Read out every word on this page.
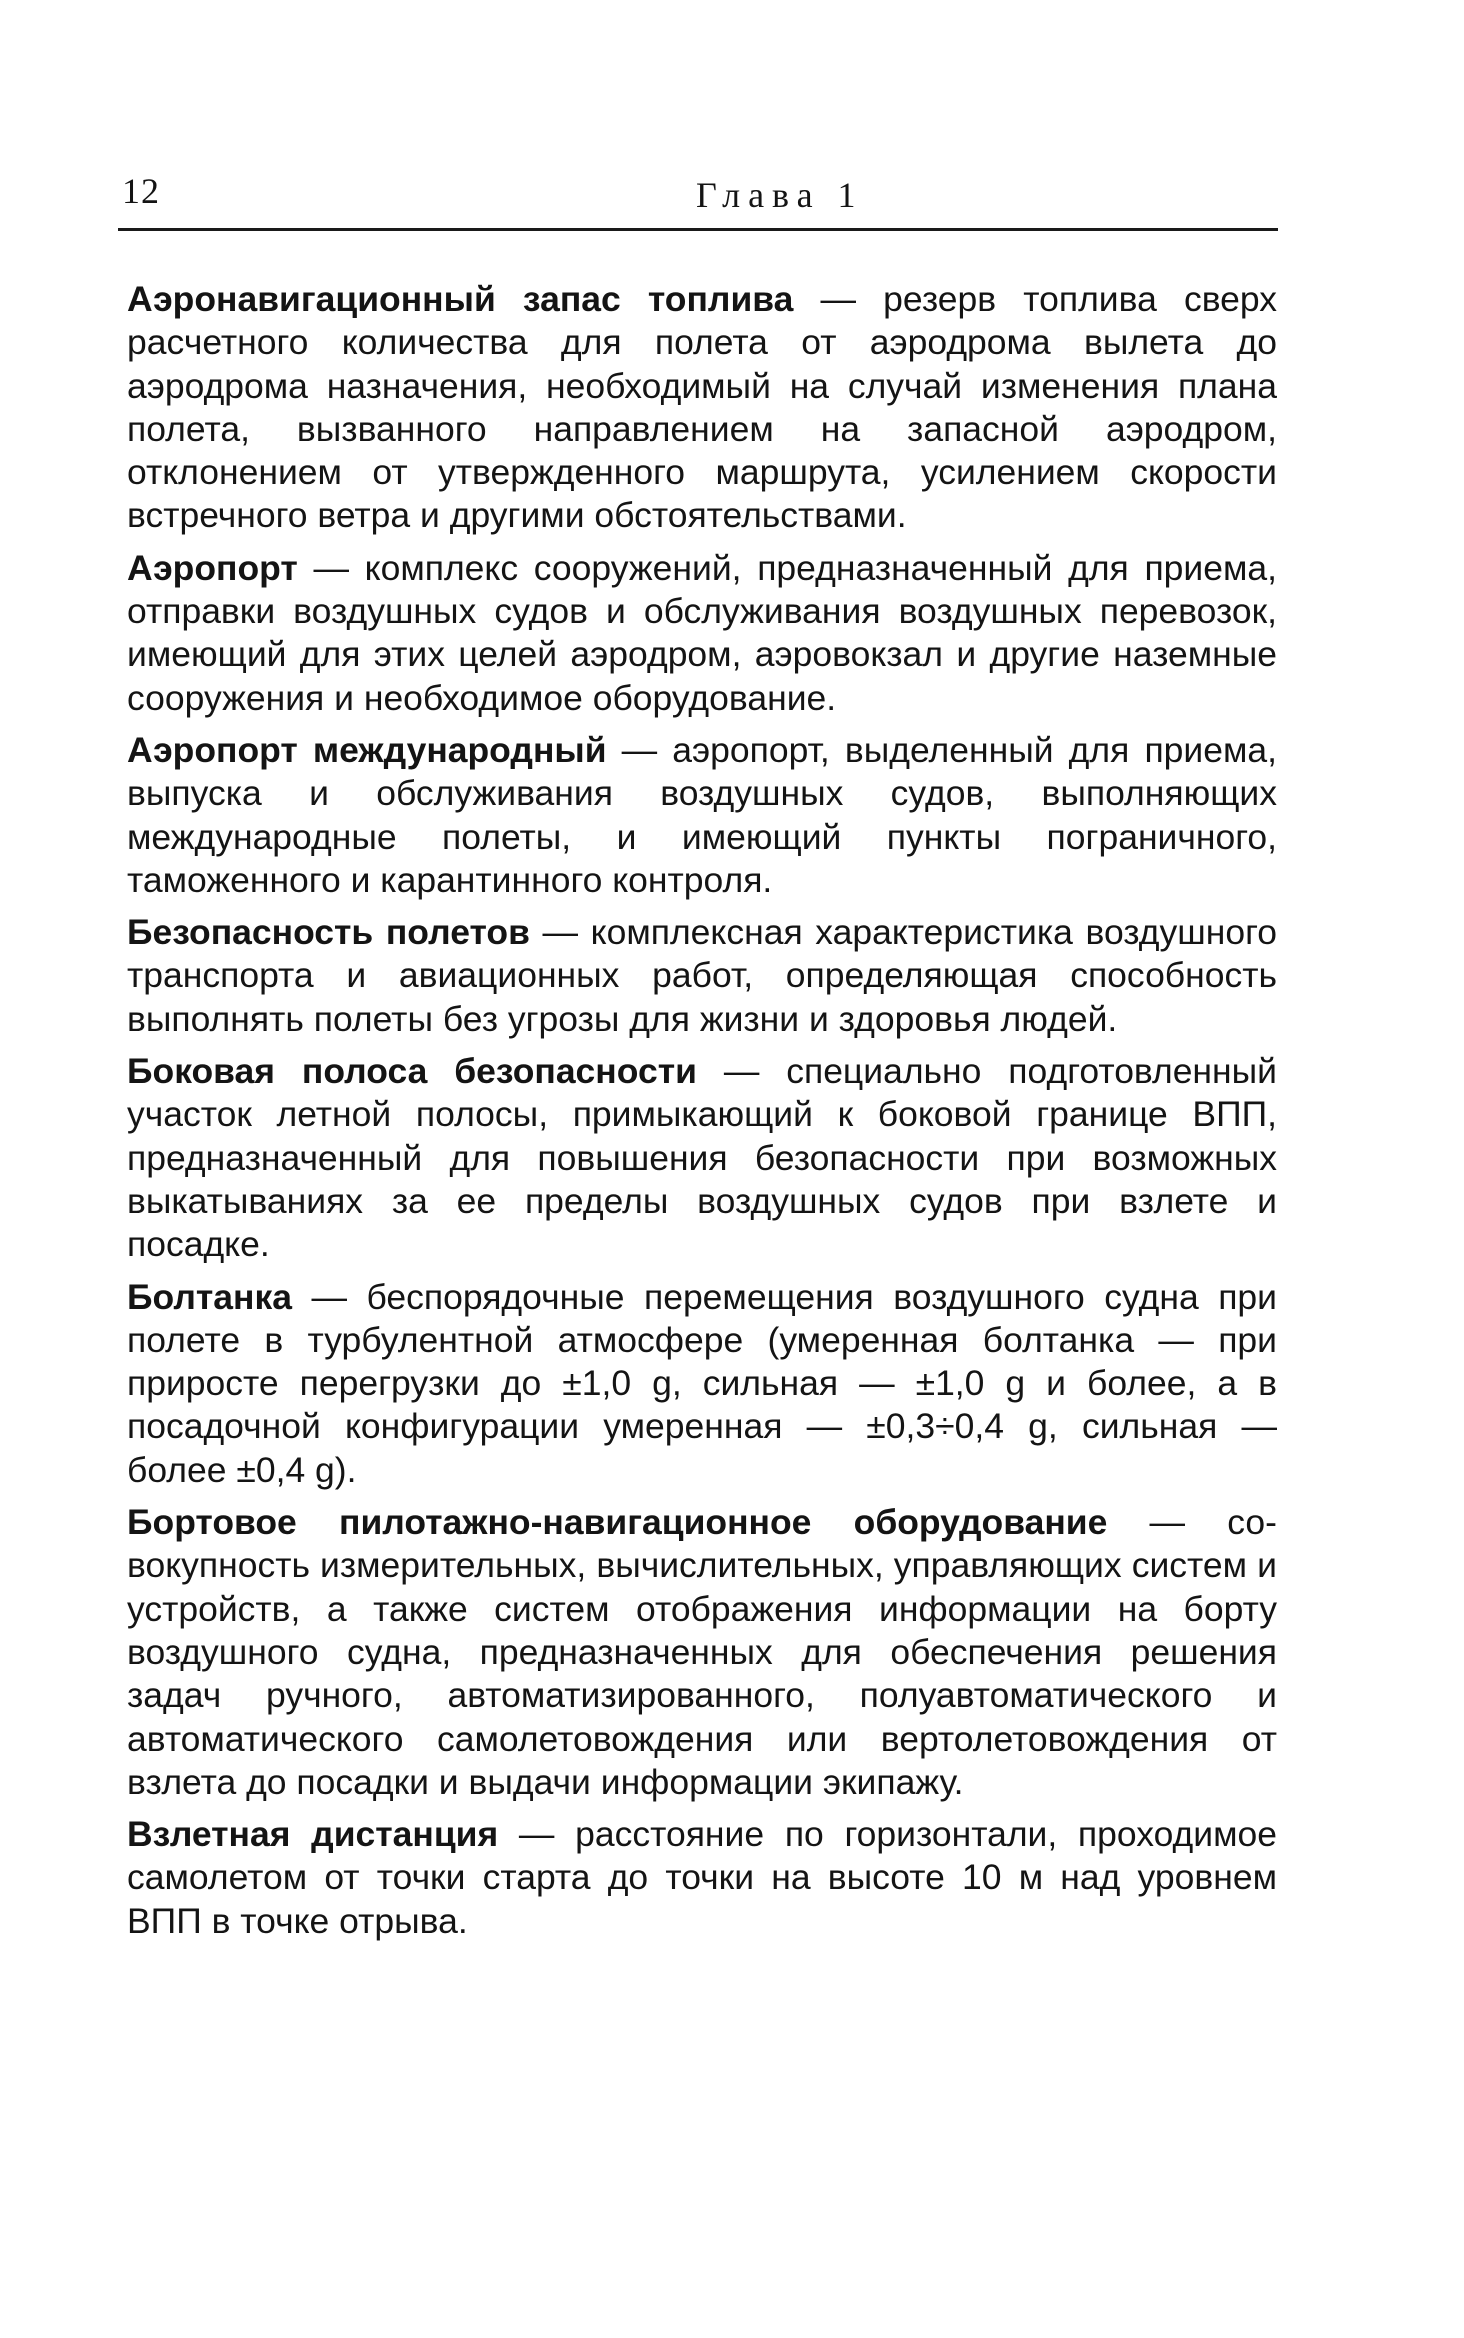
12	Глава 1

Аэронавигационный запас топлива — резерв топлива сверх расчетного количества для полета от аэродрома вылета до аэродрома назначения, необходимый на случай изменения плана полета, вызванного направлением на запасной аэродром, отклонением от утвержденного маршрута, усилением скорости встречного ветра и другими обстоятельствами.

Аэропорт — комплекс сооружений, предназначенный для приема, отправки воздушных судов и обслуживания воздушных перевозок, имеющий для этих целей аэродром, аэровокзал и другие наземные сооружения и необходимое оборудование.

Аэропорт международный — аэропорт, выделенный для приема, выпуска и обслуживания воздушных судов, выполняющих международные полеты, и имеющий пункты пограничного, таможенного и карантинного контроля.

Безопасность полетов — комплексная характеристика воздушного транспорта и авиационных работ, определяющая способность выполнять полеты без угрозы для жизни и здоровья людей.

Боковая полоса безопасности — специально подготовленный участок летной полосы, примыкающий к боковой границе ВПП, предназначенный для повышения безопасности при возможных выкатываниях за ее пределы воздушных судов при взлете и посадке.

Болтанка — беспорядочные перемещения воздушного судна при полете в турбулентной атмосфере (умеренная болтанка — при приросте перегрузки до ±1,0 g, сильная — ±1,0 g и более, а в посадочной конфигурации умеренная — ±0,3÷0,4 g, сильная — более ±0,4 g).

Бортовое пилотажно-навигационное оборудование — совокупность измерительных, вычислительных, управляющих систем и устройств, а также систем отображения информации на борту воздушного судна, предназначенных для обеспечения решения задач ручного, автоматизированного, полуавтоматического и автоматического самолетовождения или вертолетовождения от взлета до посадки и выдачи информации экипажу.

Взлетная дистанция — расстояние по горизонтали, проходимое самолетом от точки старта до точки на высоте 10 м над уровнем ВПП в точке отрыва.
